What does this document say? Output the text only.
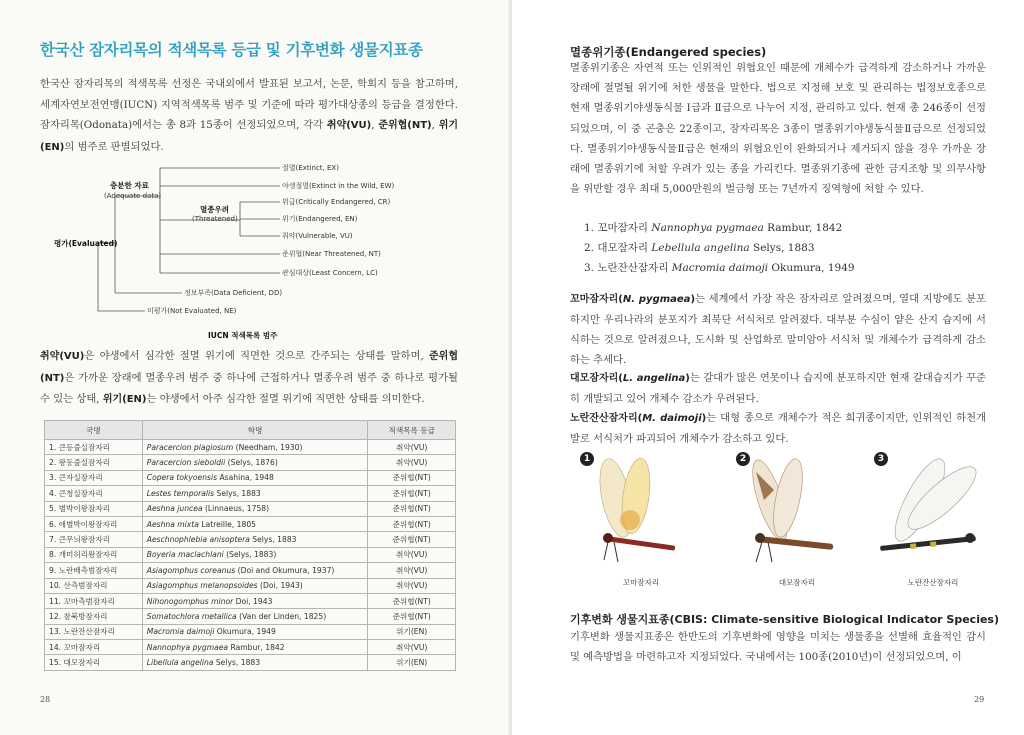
한국산 잠자리목의 적색목록 등급 및 기후변화 생물지표종
한국산 잠자리목의 적색목록 선정은 국내외에서 발표된 보고서, 논문, 학회지 등을 참고하며, 세계자연보전연맹(IUCN) 지역적색목록 범주 및 기준에 따라 평가대상종의 등급을 결정한다. 잠자리목(Odonata)에서는 총 8과 15종이 선정되었으며, 각각 취약(VU), 준위협(NT), 위기(EN)의 범주로 판별되었다.
평가(Evaluated)
충분한 자료
(Adequate data)
멸종우려
(Threatened)
절멸(Extinct, EX)
야생절멸(Extinct in the Wild, EW)
위급(Critically Endangered, CR)
위기(Endangered, EN)
취약(Vulnerable, VU)
준위협(Near Threatened, NT)
관심대상(Least Concern, LC)
정보부족(Data Deficient, DD)
미평가(Not Evaluated, NE)
IUCN 적색목록 범주
취약(VU)은 야생에서 심각한 절멸 위기에 직면한 것으로 간주되는 상태를 말하며, 준위협(NT)은 가까운 장래에 멸종우려 범주 중 하나에 근접하거나 멸종우려 범주 중 하나로 평가될 수 있는 상태, 위기(EN)는 야생에서 아주 심각한 절멸 위기에 직면한 상태를 의미한다.
국명	학명	적색목록 등급
1. 큰등줄실잠자리	Paracercion plagiosum (Needham, 1930)	취약(VU)
2. 왕등줄실잠자리	Paracercion sieboldii (Selys, 1876)	취약(VU)
3. 큰자실잠자리	Copera tokyoensis Asahina, 1948	준위협(NT)
4. 큰청실잠자리	Lestes temporalis Selys, 1883	준위협(NT)
5. 별박이왕잠자리	Aeshna juncea (Linnaeus, 1758)	준위협(NT)
6. 애별박이왕잠자리	Aeshna mixta Latreille, 1805	준위협(NT)
7. 큰무늬왕잠자리	Aeschnophlebia anisoptera Selys, 1883	준위협(NT)
8. 개미허리왕잠자리	Boyeria maclachlani (Selys, 1883)	취약(VU)
9. 노란배측범잠자리	Asiagomphus coreanus (Doi and Okumura, 1937)	취약(VU)
10. 산측범잠자리	Asiagomphus melanopsoides (Doi, 1943)	취약(VU)
11. 꼬마측범잠자리	Nihonogomphus minor Doi, 1943	준위협(NT)
12. 참북방잠자리	Somatochlora metallica (Van der Linden, 1825)	준위협(NT)
13. 노란잔산잠자리	Macromia daimoji Okumura, 1949	위기(EN)
14. 꼬마잠자리	Nannophya pygmaea Rambur, 1842	취약(VU)
15. 대모잠자리	Libellula angelina Selys, 1883	위기(EN)
28
멸종위기종(Endangered species)
멸종위기종은 자연적 또는 인위적인 위협요인 때문에 개체수가 급격하게 감소하거나 가까운 장래에 절멸될 위기에 처한 생물을 말한다. 법으로 지정해 보호 및 관리하는 법정보호종으로 현재 멸종위기야생동식물 Ⅰ급과 Ⅱ급으로 나누어 지정, 관리하고 있다. 현재 총 246종이 선정되었으며, 이 중 곤충은 22종이고, 잠자리목은 3종이 멸종위기야생동식물Ⅱ급으로 선정되었다. 멸종위기야생동식물Ⅱ급은 현재의 위협요인이 완화되거나 제거되지 않을 경우 가까운 장래에 멸종위기에 처할 우려가 있는 종을 가리킨다. 멸종위기종에 관한 금지조항 및 의무사항을 위반할 경우 최대 5,000만원의 벌금형 또는 7년까지 징역형에 처할 수 있다.
1. 꼬마잠자리 Nannophya pygmaea Rambur, 1842
2. 대모잠자리 Lebellula angelina Selys, 1883
3. 노란잔산잠자리 Macromia daimoji Okumura, 1949
꼬마잠자리(N. pygmaea)는 세계에서 가장 작은 잠자리로 알려졌으며, 열대 지방에도 분포하지만 우리나라의 분포지가 최북단 서식처로 알려졌다. 대부분 수심이 얕은 산지 습지에 서식하는 것으로 알려졌으나, 도시화 및 산업화로 말미암아 서식처 및 개체수가 급격하게 감소하는 추세다.
대모잠자리(L. angelina)는 갈대가 많은 연못이나 습지에 분포하지만 현재 갈대습지가 꾸준히 개발되고 있어 개체수 감소가 우려된다.
노란잔산잠자리(M. daimoji)는 대형 종으로 개체수가 적은 희귀종이지만, 인위적인 하천개발로 서식처가 파괴되어 개체수가 감소하고 있다.
1
꼬마잠자리
2
대모잠자리
3
노란잔산잠자리
기후변화 생물지표종(CBIS: Climate-sensitive Biological Indicator Species)
기후변화 생물지표종은 한반도의 기후변화에 영향을 미치는 생물종을 선별해 효율적인 감시 및 예측방법을 마련하고자 지정되었다. 국내에서는 100종(2010년)이 선정되었으며, 이
29
